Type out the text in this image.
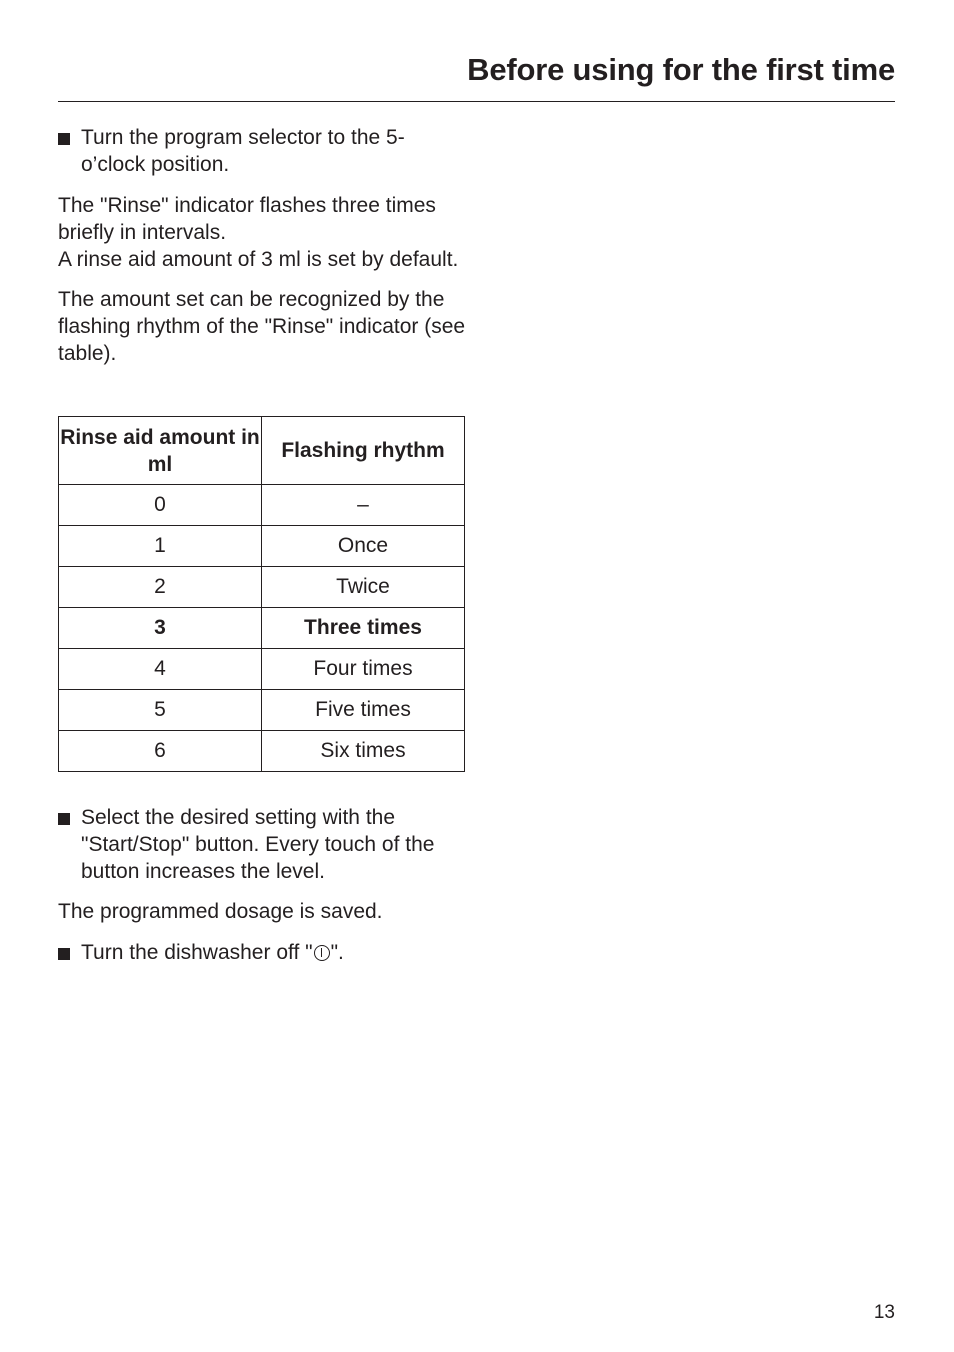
Before using for the first time
Turn the program selector to the 5-o’clock position.

The "Rinse" indicator flashes three times briefly in intervals.
A rinse aid amount of 3 ml is set by default.

The amount set can be recognized by the flashing rhythm of the "Rinse" indicator (see table).

Rinse aid amount in ml	Flashing rhythm
0	–
1	Once
2	Twice
3	Three times
4	Four times
5	Five times
6	Six times
Select the desired setting with the "Start/Stop" button. Every touch of the button increases the level.

The programmed dosage is saved.

Turn the dishwasher off " ".
13
